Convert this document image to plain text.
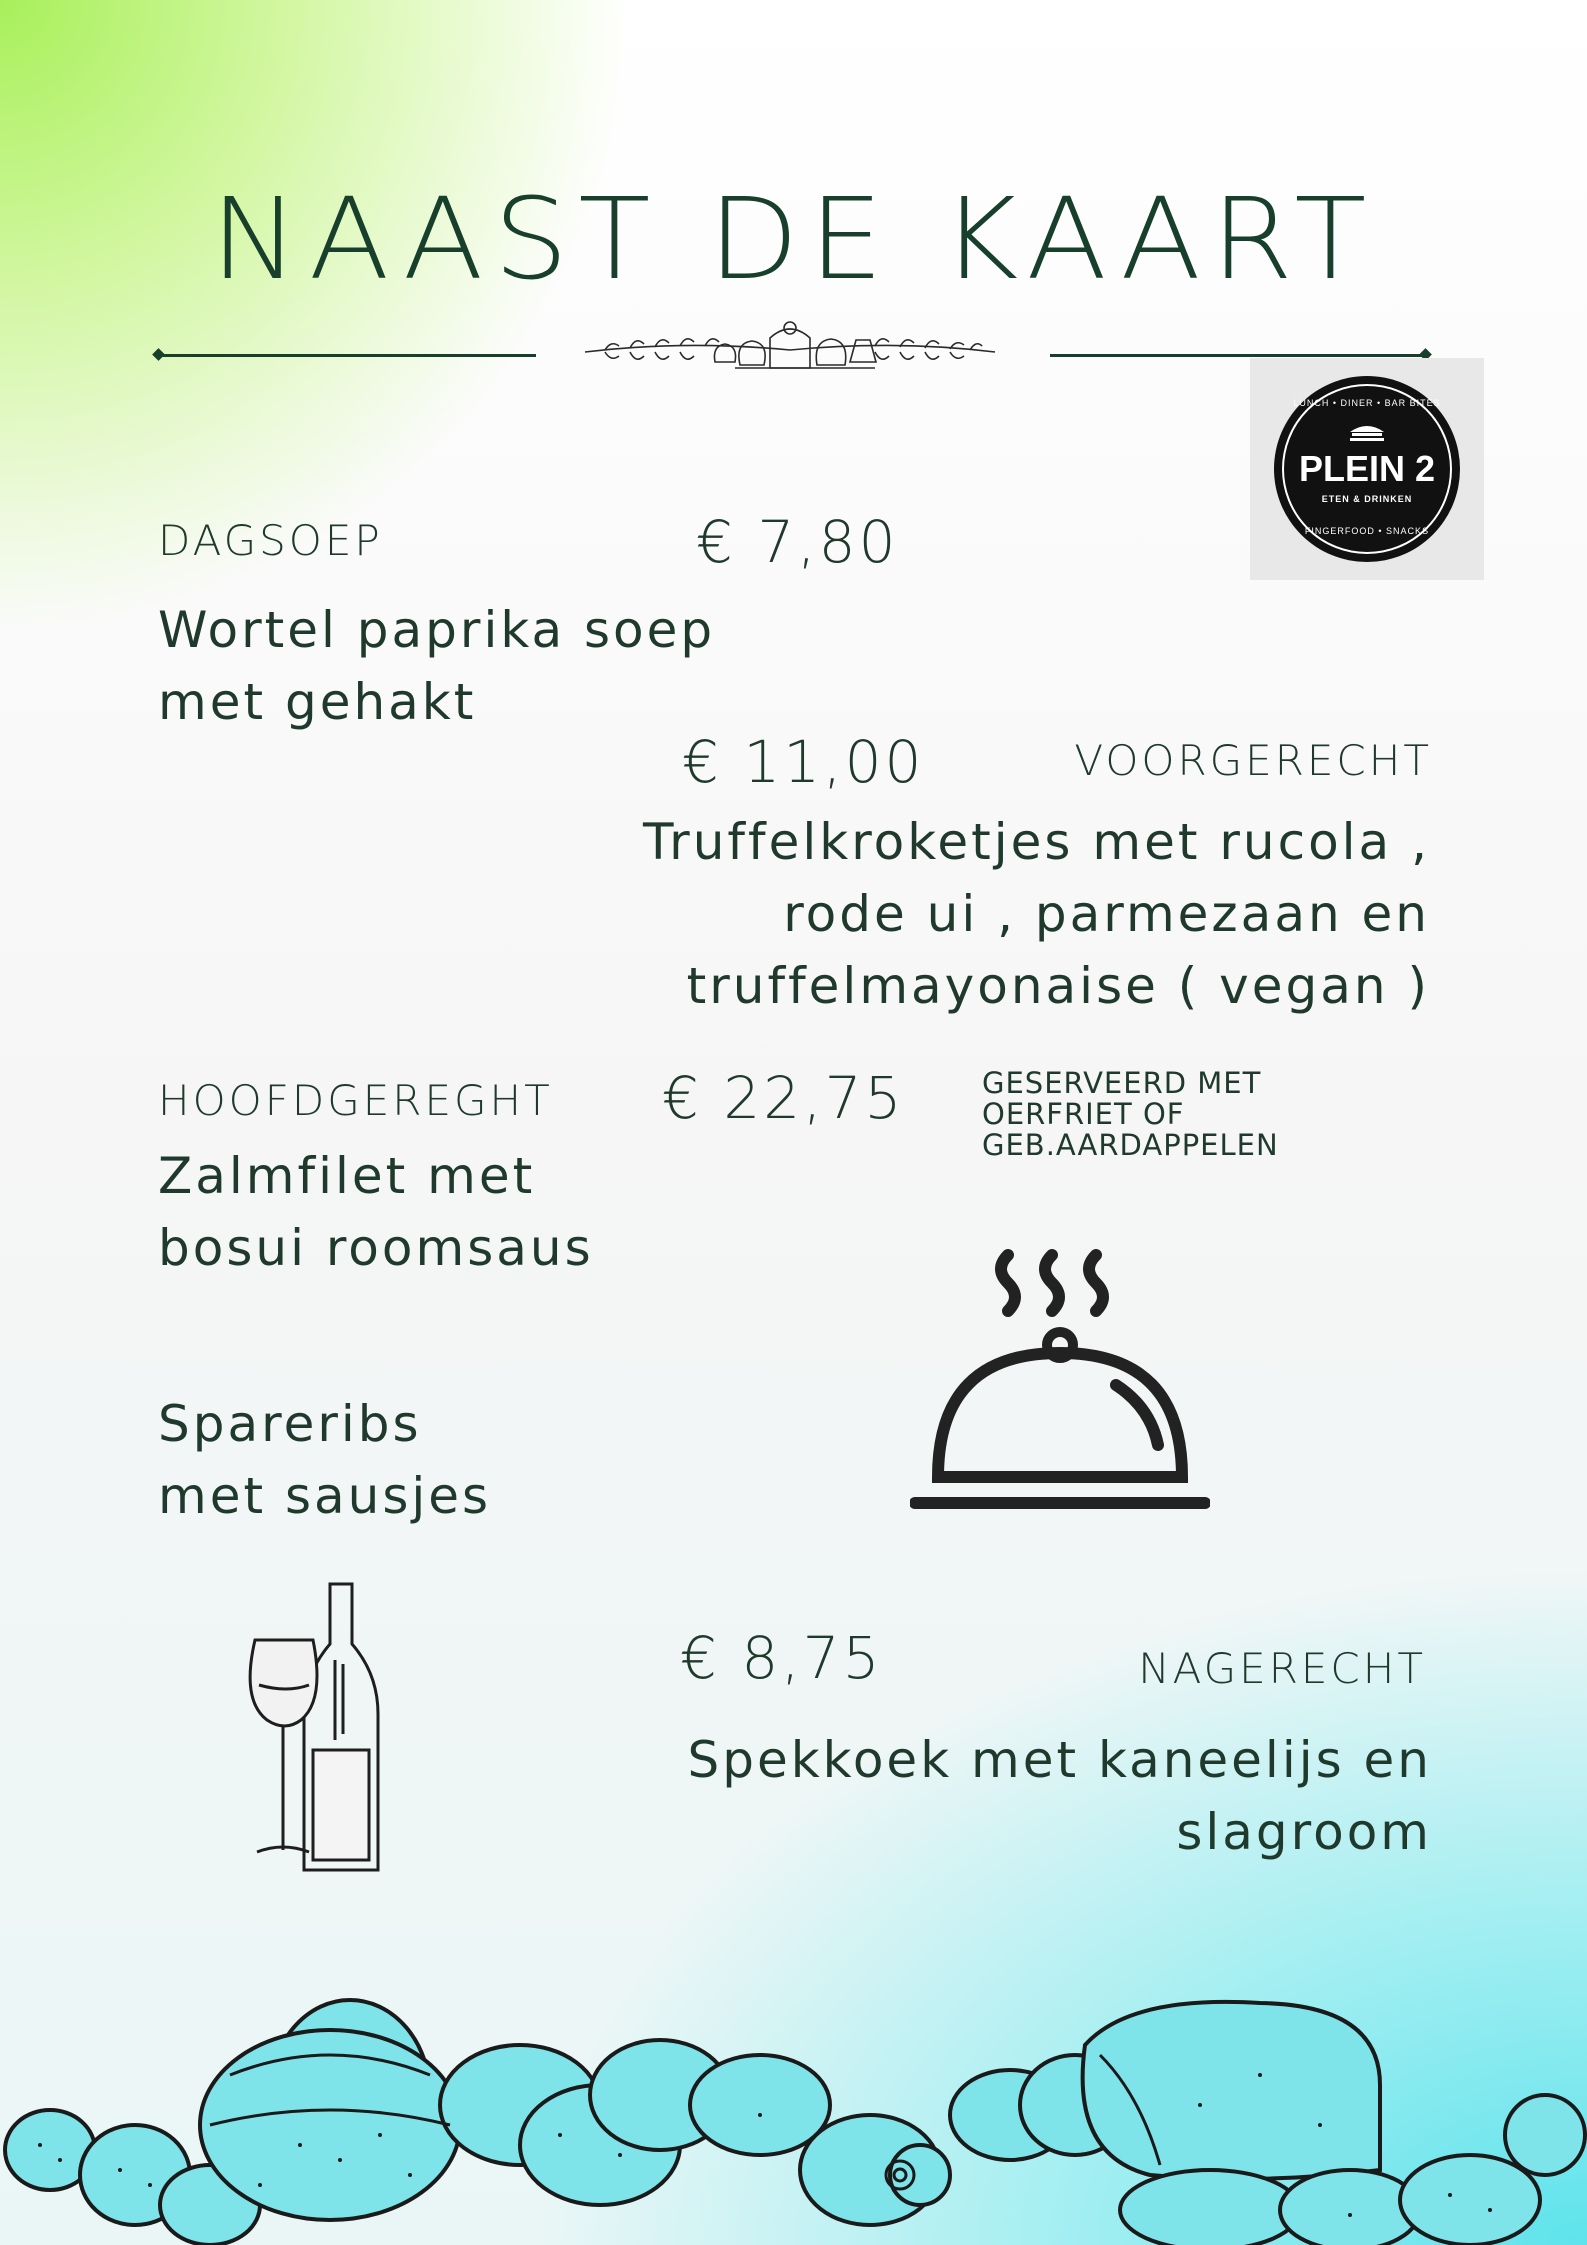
NAAST DE KAART
LUNCH • DINER • BAR BITES
PLEIN 2
ETEN & DRINKEN
FINGERFOOD • SNACKS
DAGSOEP	€ 7,80
Wortel paprika soep
met gehakt
€ 11,00	VOORGERECHT
Truffelkroketjes met rucola ,
rode ui , parmezaan en
truffelmayonaise ( vegan )
HOOFDGEREGHT € 22,75	GESERVEERD MET
OERFRIET OF
GEB.AARDAPPELEN
Zalmfilet met
bosui roomsaus
Spareribs
met sausjes
€ 8,75	NAGERECHT
Spekkoek met kaneelijs en
slagroom
